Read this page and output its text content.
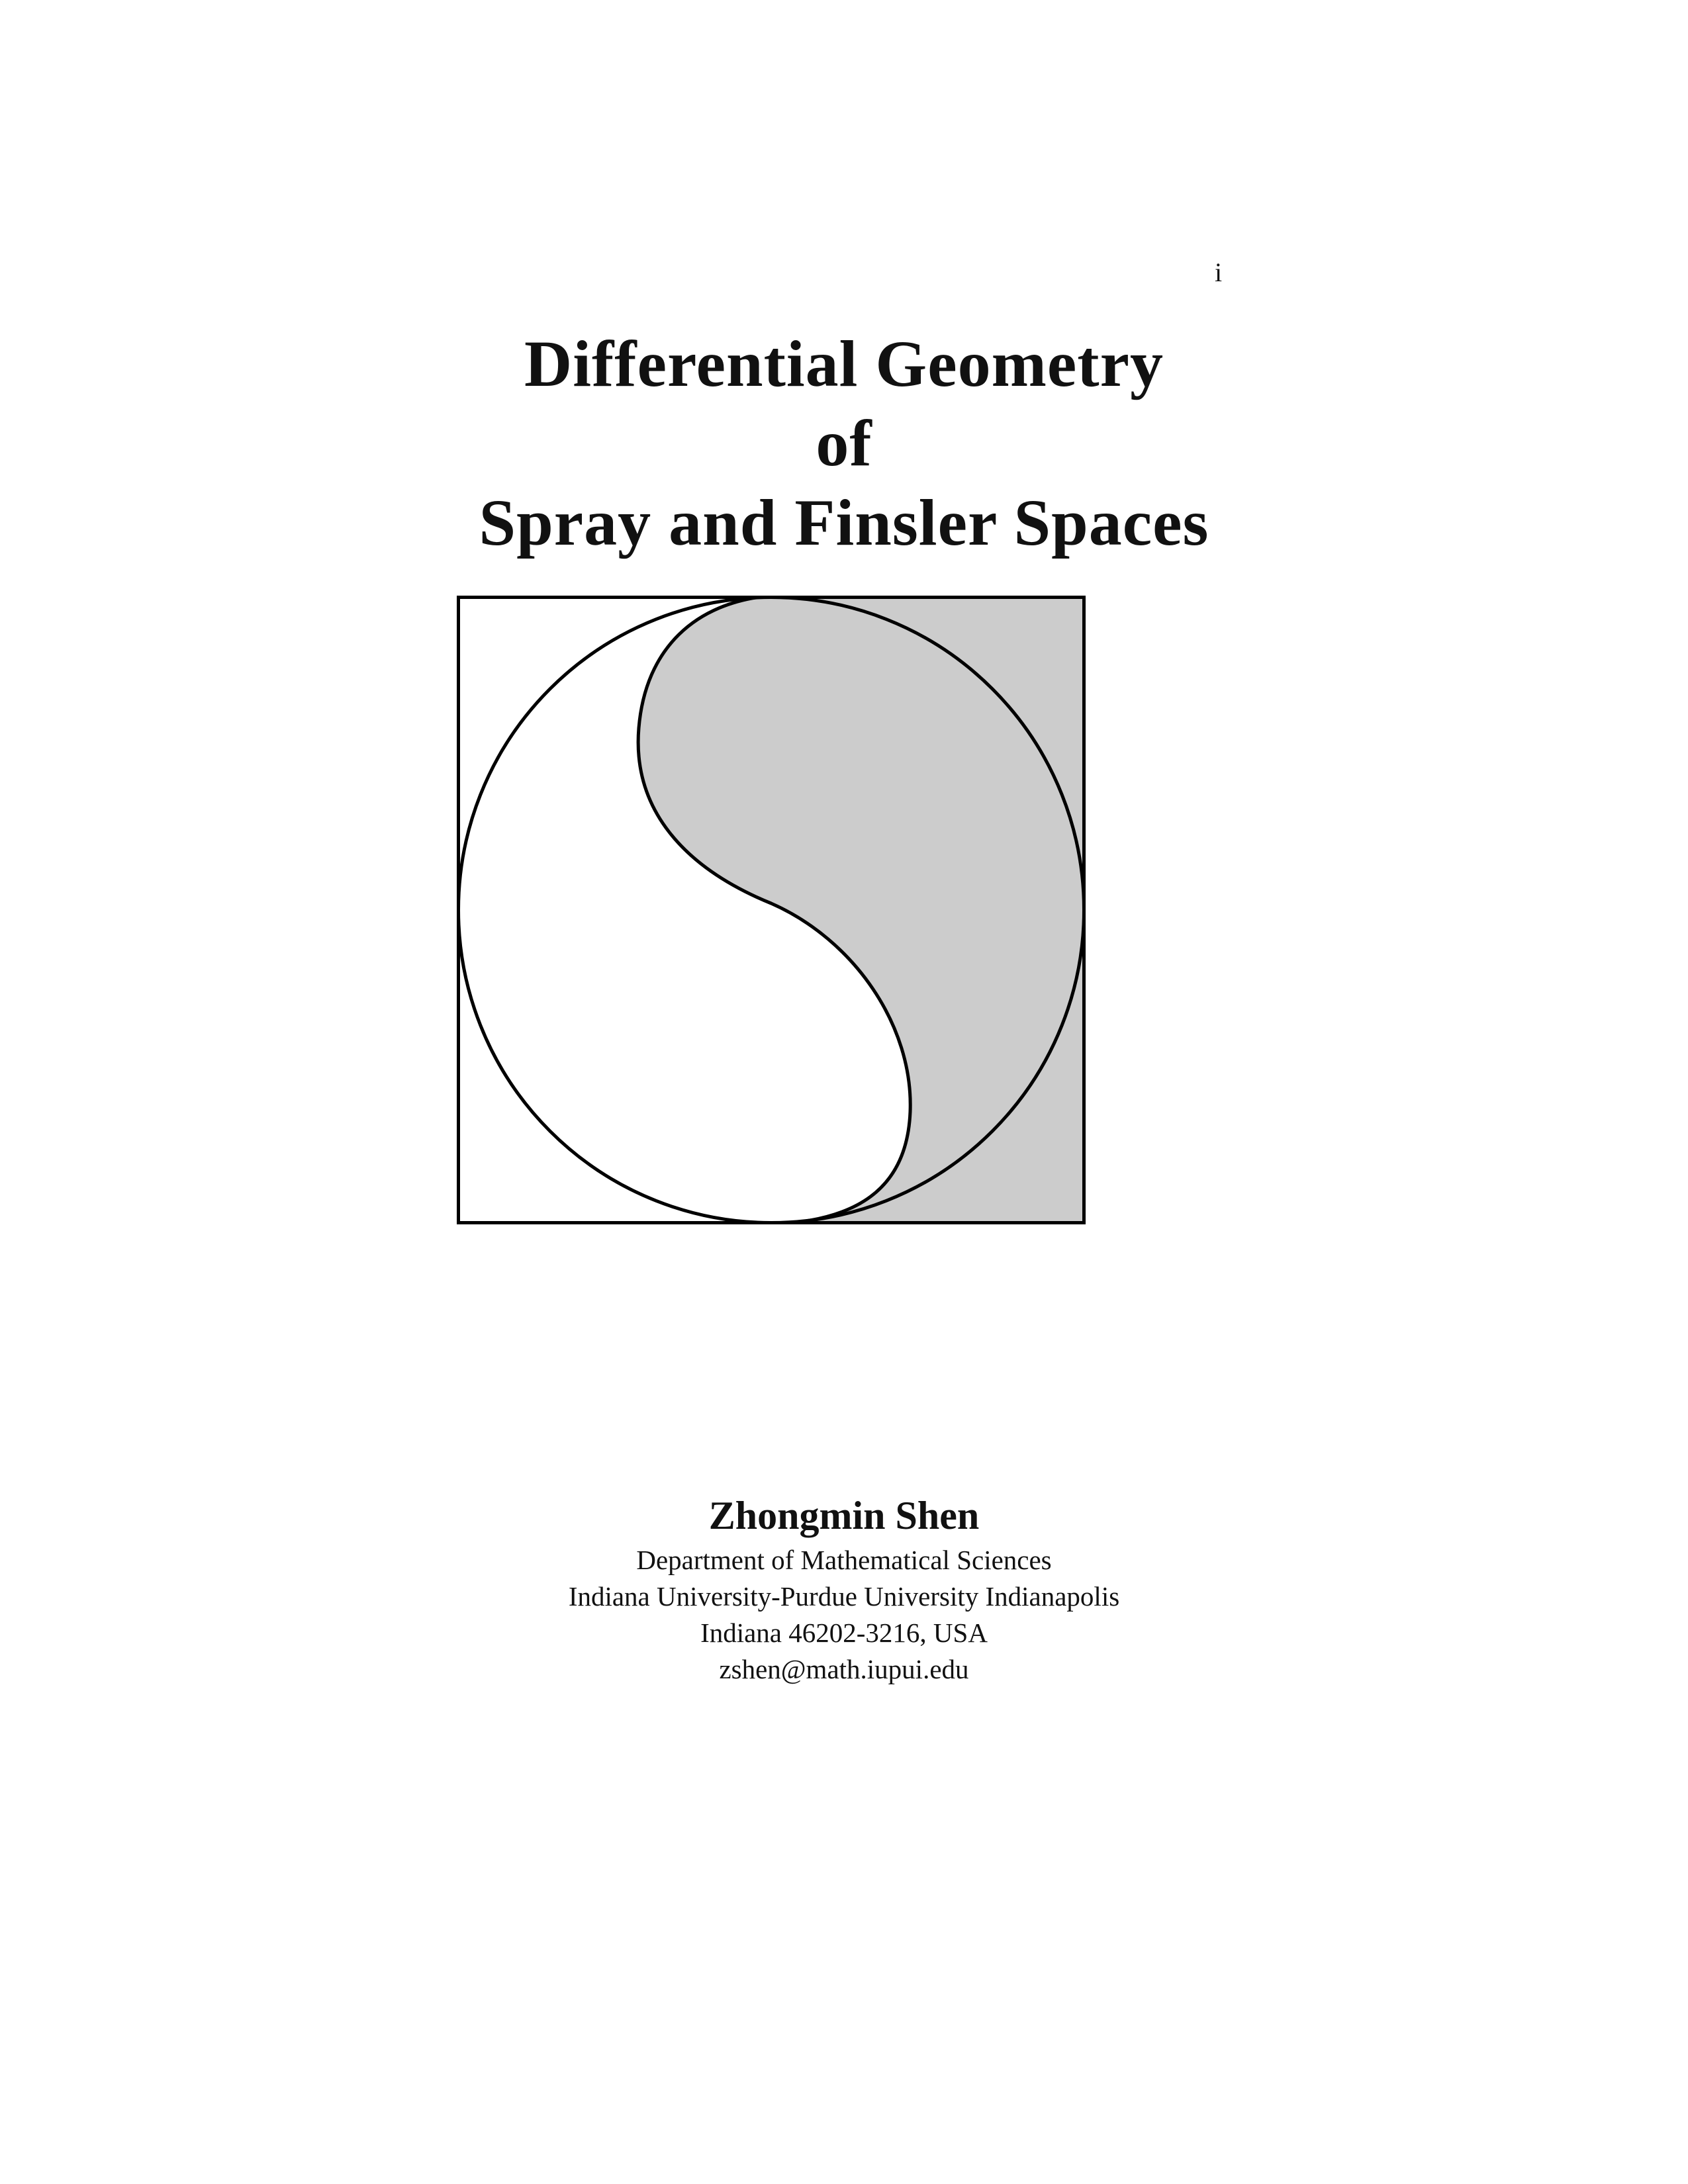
i
Differential Geometry
of
Spray and Finsler Spaces
Zhongmin Shen
Department of Mathematical Sciences
Indiana University-Purdue University Indianapolis
Indiana 46202-3216, USA
zshen@math.iupui.edu
